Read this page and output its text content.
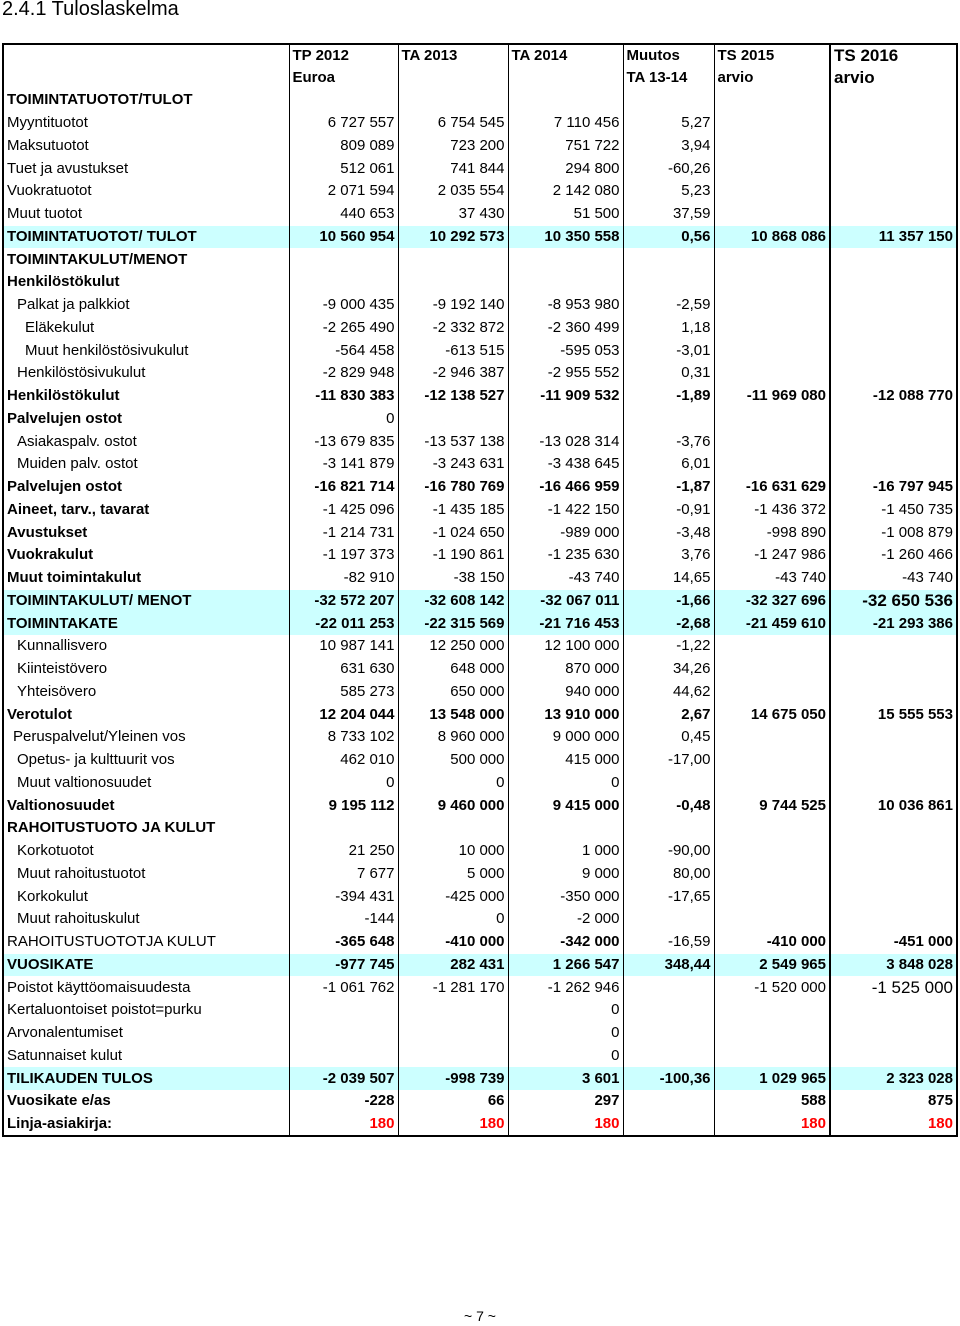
2.4.1 Tuloslaskelma
	TP 2012	TA 2013	TA 2014	Muutos	TS 2015	TS 2016
	Euroa			TA 13-14	arvio	arvio
TOIMINTATUOTOT/TULOT						
Myyntituotot	6 727 557	6 754 545	7 110 456	5,27		
Maksutuotot	809 089	723 200	751 722	3,94		
Tuet ja avustukset	512 061	741 844	294 800	-60,26		
Vuokratuotot	2 071 594	2 035 554	2 142 080	5,23		
Muut tuotot	440 653	37 430	51 500	37,59		
TOIMINTATUOTOT/ TULOT	10 560 954	10 292 573	10 350 558	0,56	10 868 086	11 357 150
TOIMINTAKULUT/MENOT						
Henkilöstökulut						
Palkat ja palkkiot	-9 000 435	-9 192 140	-8 953 980	-2,59		
Eläkekulut	-2 265 490	-2 332 872	-2 360 499	1,18		
Muut henkilöstösivukulut	-564 458	-613 515	-595 053	-3,01		
Henkilöstösivukulut	-2 829 948	-2 946 387	-2 955 552	0,31		
Henkilöstökulut	-11 830 383	-12 138 527	-11 909 532	-1,89	-11 969 080	-12 088 770
Palvelujen ostot	0					
Asiakaspalv. ostot	-13 679 835	-13 537 138	-13 028 314	-3,76		
Muiden palv. ostot	-3 141 879	-3 243 631	-3 438 645	6,01		
Palvelujen ostot	-16 821 714	-16 780 769	-16 466 959	-1,87	-16 631 629	-16 797 945
Aineet, tarv., tavarat	-1 425 096	-1 435 185	-1 422 150	-0,91	-1 436 372	-1 450 735
Avustukset	-1 214 731	-1 024 650	-989 000	-3,48	-998 890	-1 008 879
Vuokrakulut	-1 197 373	-1 190 861	-1 235 630	3,76	-1 247 986	-1 260 466
Muut toimintakulut	-82 910	-38 150	-43 740	14,65	-43 740	-43 740
TOIMINTAKULUT/ MENOT	-32 572 207	-32 608 142	-32 067 011	-1,66	-32 327 696	-32 650 536
TOIMINTAKATE	-22 011 253	-22 315 569	-21 716 453	-2,68	-21 459 610	-21 293 386
Kunnallisvero	10 987 141	12 250 000	12 100 000	-1,22		
Kiinteistövero	631 630	648 000	870 000	34,26		
Yhteisövero	585 273	650 000	940 000	44,62		
Verotulot	12 204 044	13 548 000	13 910 000	2,67	14 675 050	15 555 553
Peruspalvelut/Yleinen vos	8 733 102	8 960 000	9 000 000	0,45		
Opetus- ja kulttuurit vos	462 010	500 000	415 000	-17,00		
Muut valtionosuudet	0	0	0			
Valtionosuudet	9 195 112	9 460 000	9 415 000	-0,48	9 744 525	10 036 861
RAHOITUSTUOTO JA KULUT						
Korkotuotot	21 250	10 000	1 000	-90,00		
Muut rahoitustuotot	7 677	5 000	9 000	80,00		
Korkokulut	-394 431	-425 000	-350 000	-17,65		
Muut rahoituskulut	-144	0	-2 000			
RAHOITUSTUOTOTJA KULUT	-365 648	-410 000	-342 000	-16,59	-410 000	-451 000
VUOSIKATE	-977 745	282 431	1 266 547	348,44	2 549 965	3 848 028
Poistot käyttöomaisuudesta	-1 061 762	-1 281 170	-1 262 946		-1 520 000	-1 525 000
Kertaluontoiset poistot=purku			0			
Arvonalentumiset			0			
Satunnaiset kulut			0			
TILIKAUDEN TULOS	-2 039 507	-998 739	3 601	-100,36	1 029 965	2 323 028
Vuosikate e/as	-228	66	297		588	875
Linja-asiakirja:	180	180	180		180	180
~ 7 ~
